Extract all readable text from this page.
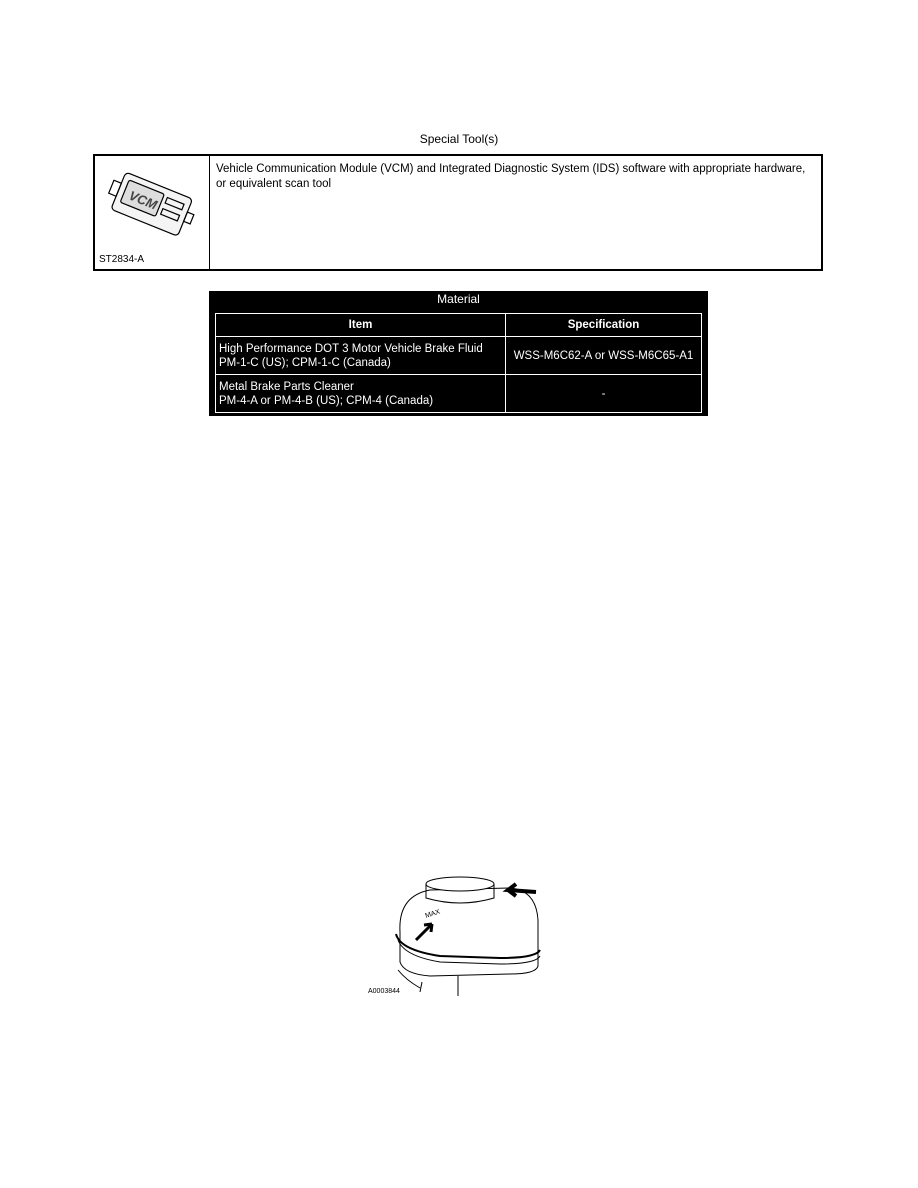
Special Tool(s)
VCM
ST2834-A
Vehicle Communication Module (VCM) and Integrated Diagnostic System (IDS) software with appropriate hardware, or equivalent scan tool
Material
Item	Specification
High Performance DOT 3 Motor Vehicle Brake Fluid
PM-1-C (US); CPM-1-C (Canada)	WSS-M6C62-A or WSS-M6C65-A1
Metal Brake Parts Cleaner
PM-4-A or PM-4-B (US); CPM-4 (Canada)	-
MAX
A0003844
